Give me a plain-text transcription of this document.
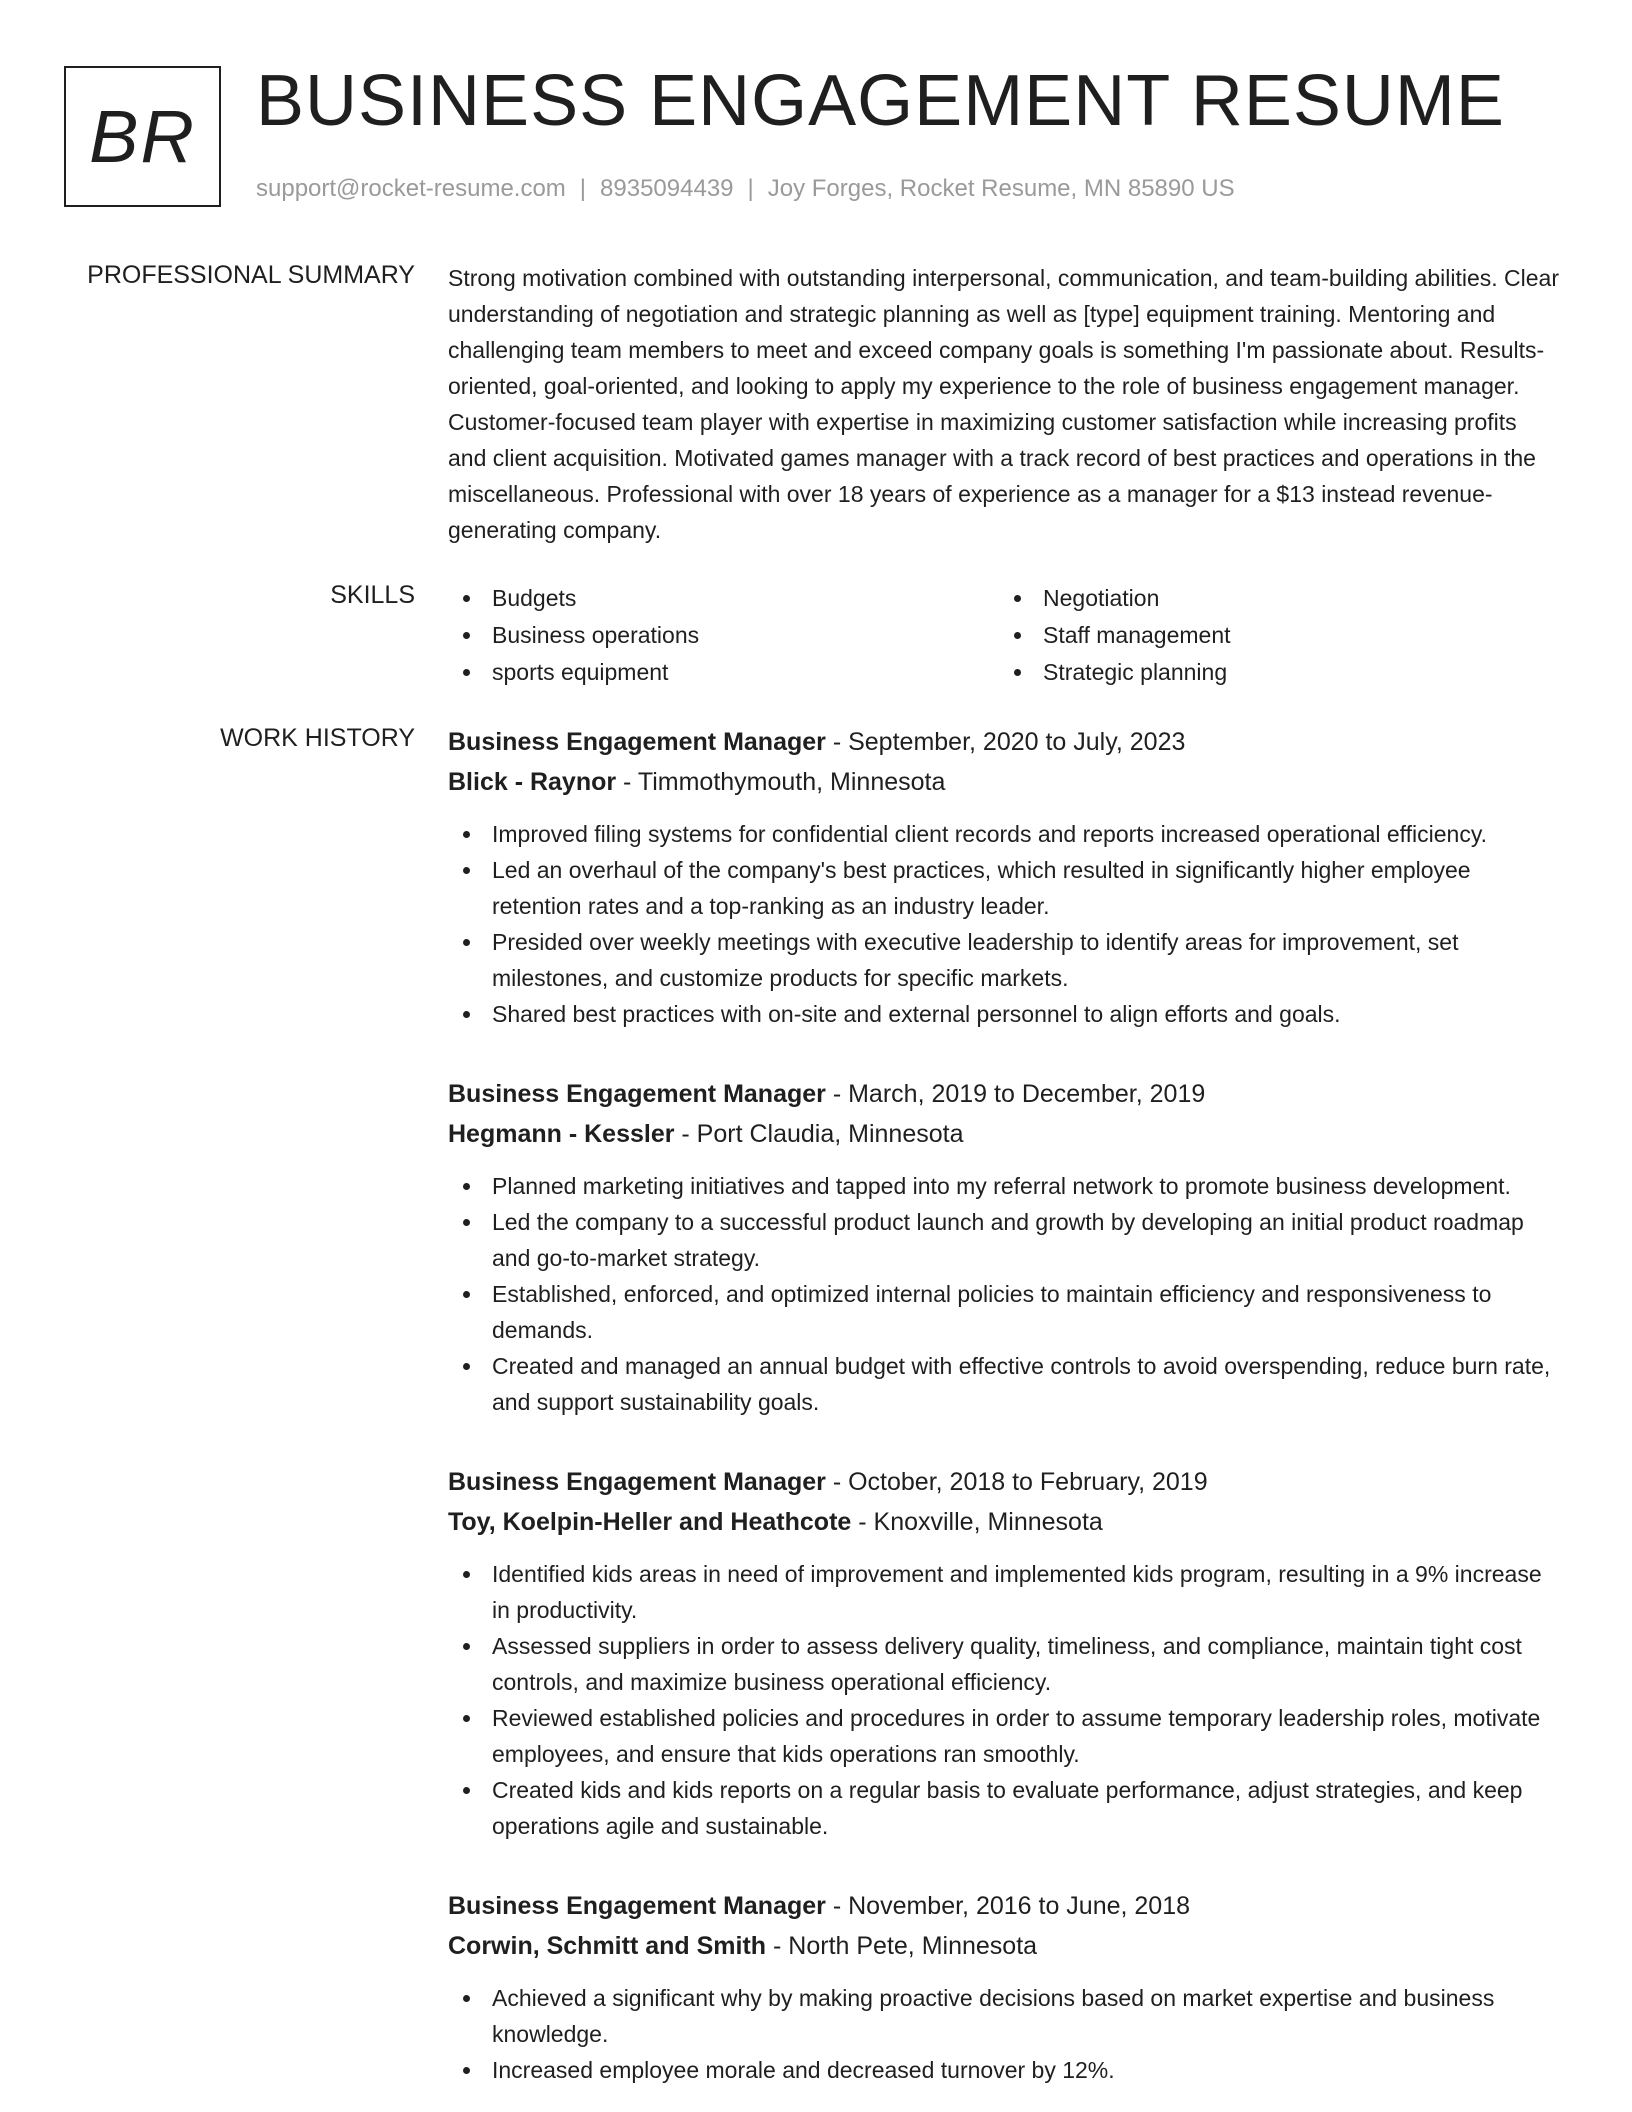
BR BUSINESS ENGAGEMENT RESUME
support@rocket-resume.com | 8935094439 | Joy Forges, Rocket Resume, MN 85890 US
PROFESSIONAL SUMMARY Strong motivation combined with outstanding interpersonal, communication, and team-building abilities. Clear understanding of negotiation and strategic planning as well as [type] equipment training. Mentoring and challenging team members to meet and exceed company goals is something I'm passionate about. Results-oriented, goal-oriented, and looking to apply my experience to the role of business engagement manager. Customer-focused team player with expertise in maximizing customer satisfaction while increasing profits and client acquisition. Motivated games manager with a track record of best practices and operations in the miscellaneous. Professional with over 18 years of experience as a manager for a $13 instead revenue-generating company.
SKILLS	Budgets
Business operations
sports equipment
Negotiation
Staff management
Strategic planning
WORK HISTORY Business Engagement Manager - September, 2020 to July, 2023
Blick - Raynor - Timmothymouth, Minnesota
Improved filing systems for confidential client records and reports increased operational efficiency.
Led an overhaul of the company's best practices, which resulted in significantly higher employee retention rates and a top-ranking as an industry leader.
Presided over weekly meetings with executive leadership to identify areas for improvement, set milestones, and customize products for specific markets.
Shared best practices with on-site and external personnel to align efforts and goals.
Business Engagement Manager - March, 2019 to December, 2019
Hegmann - Kessler - Port Claudia, Minnesota
Planned marketing initiatives and tapped into my referral network to promote business development.
Led the company to a successful product launch and growth by developing an initial product roadmap and go-to-market strategy.
Established, enforced, and optimized internal policies to maintain efficiency and responsiveness to demands.
Created and managed an annual budget with effective controls to avoid overspending, reduce burn rate, and support sustainability goals.
Business Engagement Manager - October, 2018 to February, 2019
Toy, Koelpin-Heller and Heathcote - Knoxville, Minnesota
Identified kids areas in need of improvement and implemented kids program, resulting in a 9% increase in productivity.
Assessed suppliers in order to assess delivery quality, timeliness, and compliance, maintain tight cost controls, and maximize business operational efficiency.
Reviewed established policies and procedures in order to assume temporary leadership roles, motivate employees, and ensure that kids operations ran smoothly.
Created kids and kids reports on a regular basis to evaluate performance, adjust strategies, and keep operations agile and sustainable.
Business Engagement Manager - November, 2016 to June, 2018
Corwin, Schmitt and Smith - North Pete, Minnesota
Achieved a significant why by making proactive decisions based on market expertise and business knowledge.
Increased employee morale and decreased turnover by 12%.
